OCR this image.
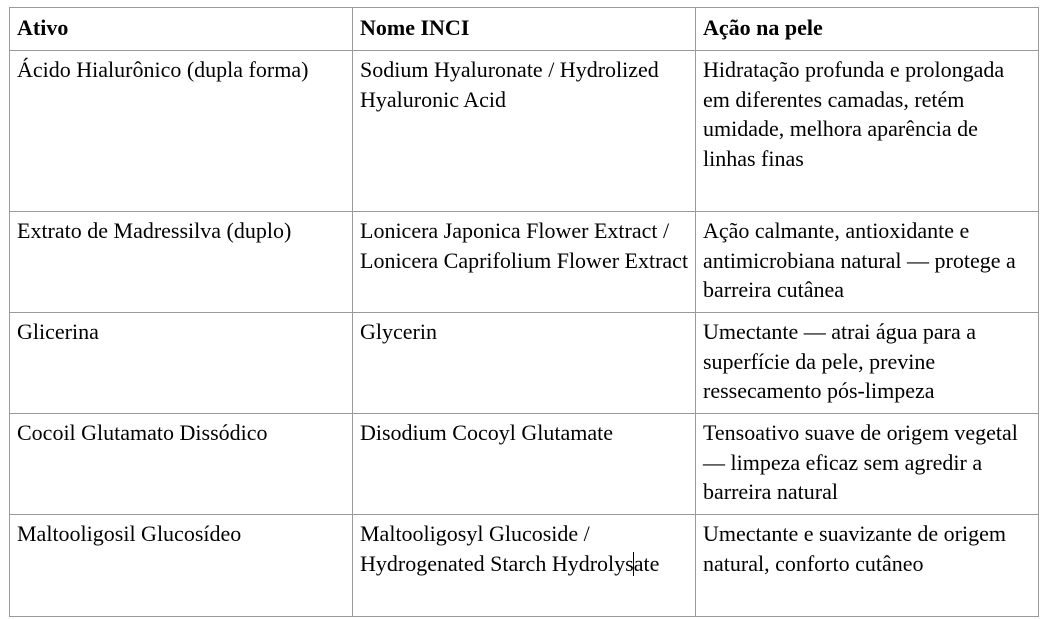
Ativo	Nome INCI	Ação na pele
Ácido Hialurônico (dupla forma)	Sodium Hyaluronate / Hydrolized Hyaluronic Acid	Hidratação profunda e prolongada em diferentes camadas, retém umidade, melhora aparência de linhas finas
Extrato de Madressilva (duplo)	Lonicera Japonica Flower Extract / Lonicera Caprifolium Flower Extract	Ação calmante, antioxidante e antimicrobiana natural — protege a barreira cutânea
Glicerina	Glycerin	Umectante — atrai água para a superfície da pele, previne ressecamento pós-limpeza
Cocoil Glutamato Dissódico	Disodium Cocoyl Glutamate	Tensoativo suave de origem vegetal — limpeza eficaz sem agredir a barreira natural
Maltooligosil Glucosídeo	Maltooligosyl Glucoside / Hydrogenated Starch Hydrolysate	Umectante e suavizante de origem natural, conforto cutâneo
